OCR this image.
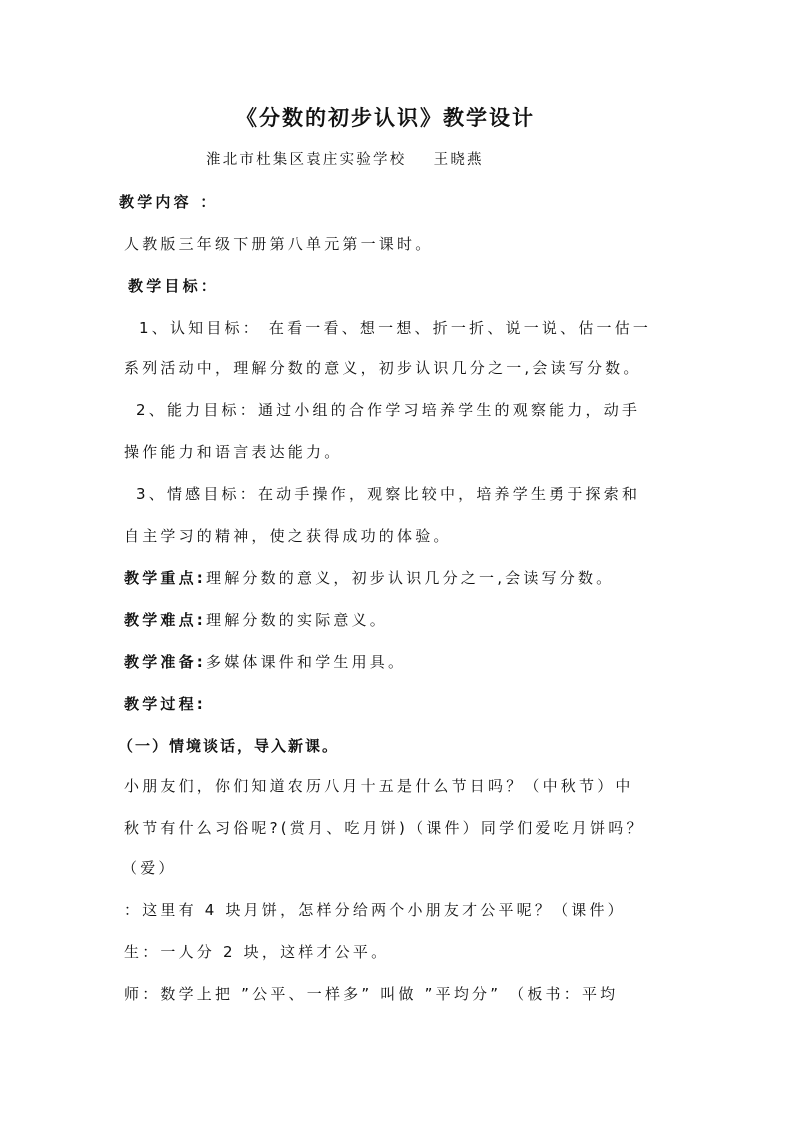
《分数的初步认识》教学设计
淮北市杜集区袁庄实验学校    王晓燕
教学内容 ：
人教版三年级下册第八单元第一课时。
教学目标：
1、认知目标： 在看一看、想一想、折一折、说一说、估一估一
系列活动中，理解分数的意义，初步认识几分之一,会读写分数。
2、能力目标：通过小组的合作学习培养学生的观察能力，动手
操作能力和语言表达能力。
3、情感目标：在动手操作，观察比较中，培养学生勇于探索和
自主学习的精神，使之获得成功的体验。
教学重点:理解分数的意义，初步认识几分之一,会读写分数。
教学难点:理解分数的实际意义。
教学准备:多媒体课件和学生用具。
教学过程:
（一）情境谈话，导入新课。
小朋友们，你们知道农历八月十五是什么节日吗？（中秋节）中
秋节有什么习俗呢?(赏月、吃月饼)（课件）同学们爱吃月饼吗？
（爱）
：这里有 4 块月饼，怎样分给两个小朋友才公平呢？（课件）
生：一人分 2 块，这样才公平。
师：数学上把 ”公平、一样多” 叫做 ”平均分” （板书：平均
